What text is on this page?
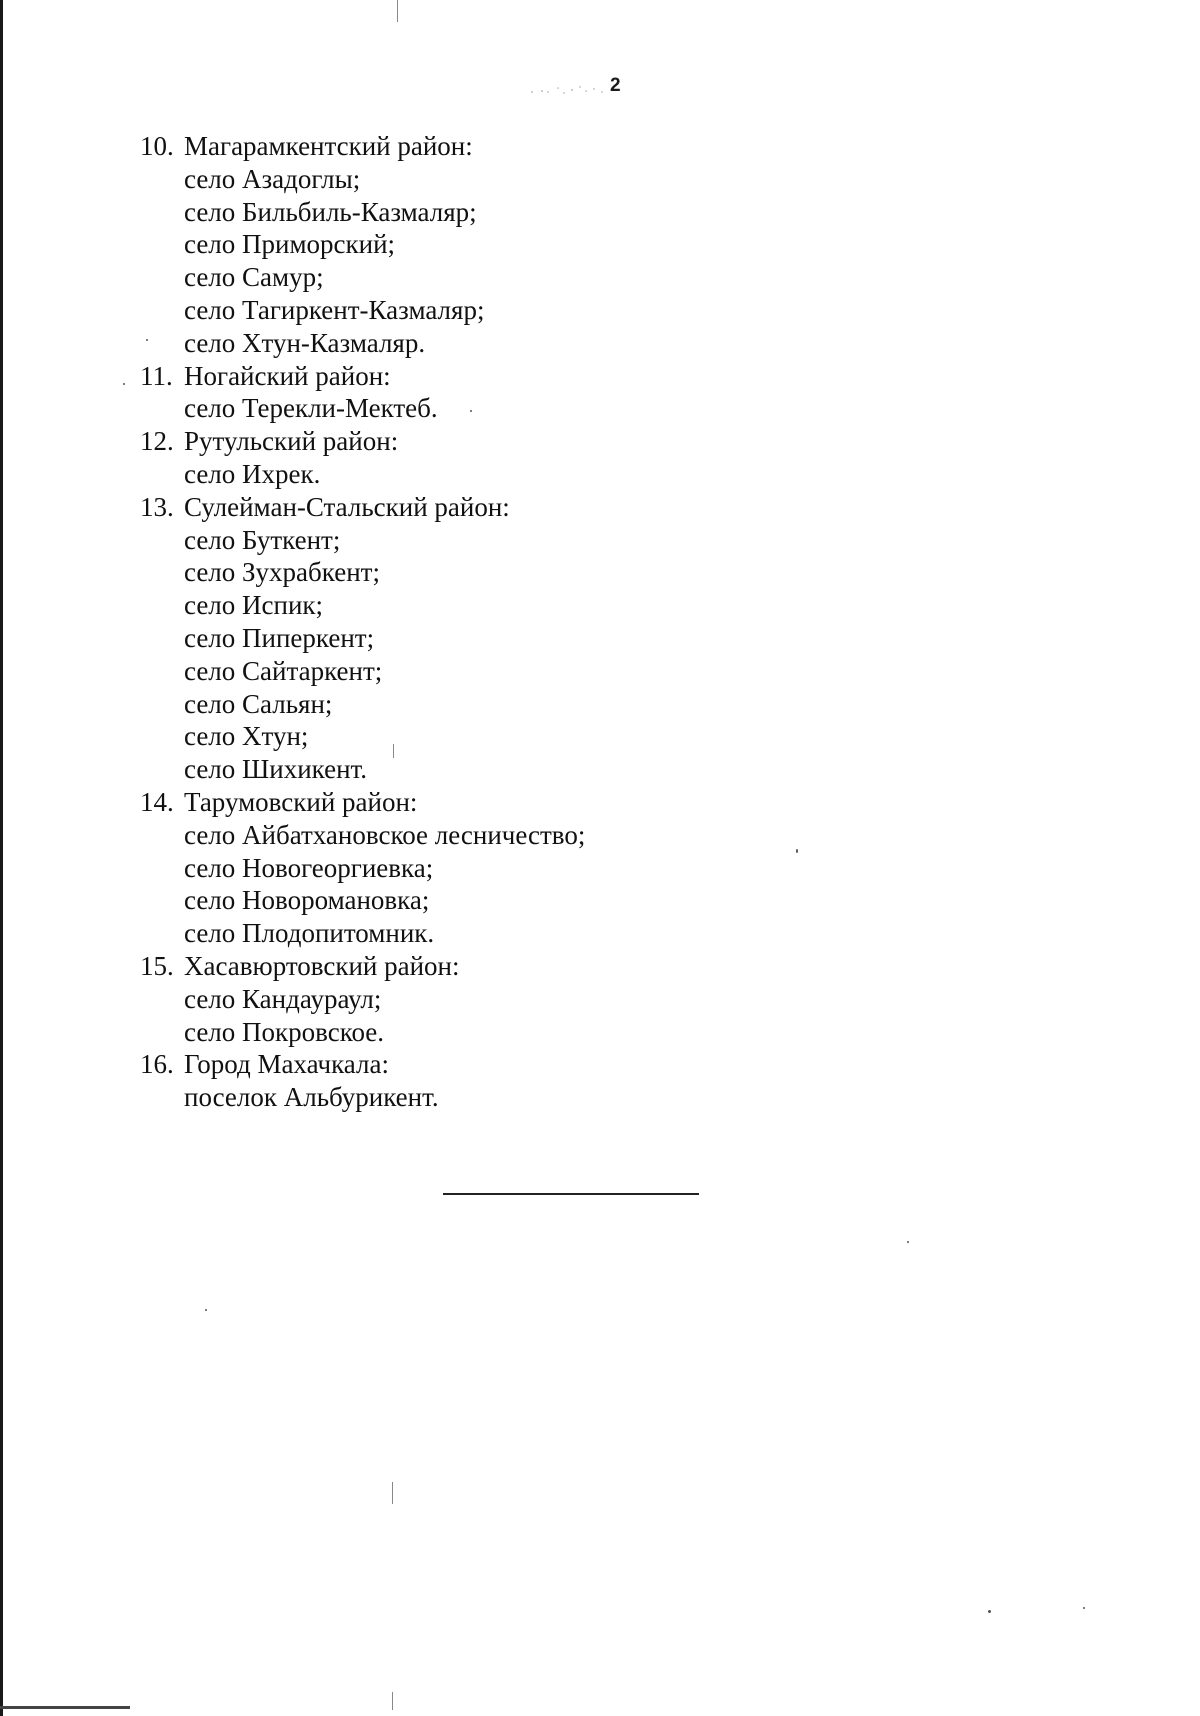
2
10. Магарамкентский район:
село Азадоглы;
село Бильбиль-Казмаляр;
село Приморский;
село Самур;
село Тагиркент-Казмаляр;
село Хтун-Казмаляр.
11. Ногайский район:
село Терекли-Мектеб.
12. Рутульский район:
село Ихрек.
13. Сулейман-Стальский район:
село Буткент;
село Зухрабкент;
село Испик;
село Пиперкент;
село Сайтаркент;
село Сальян;
село Хтун;
село Шихикент.
14. Тарумовский район:
село Айбатхановское лесничество;
село Новогеоргиевка;
село Новоромановка;
село Плодопитомник.
15. Хасавюртовский район:
село Кандаураул;
село Покровское.
16. Город Махачкала:
поселок Альбурикент.
